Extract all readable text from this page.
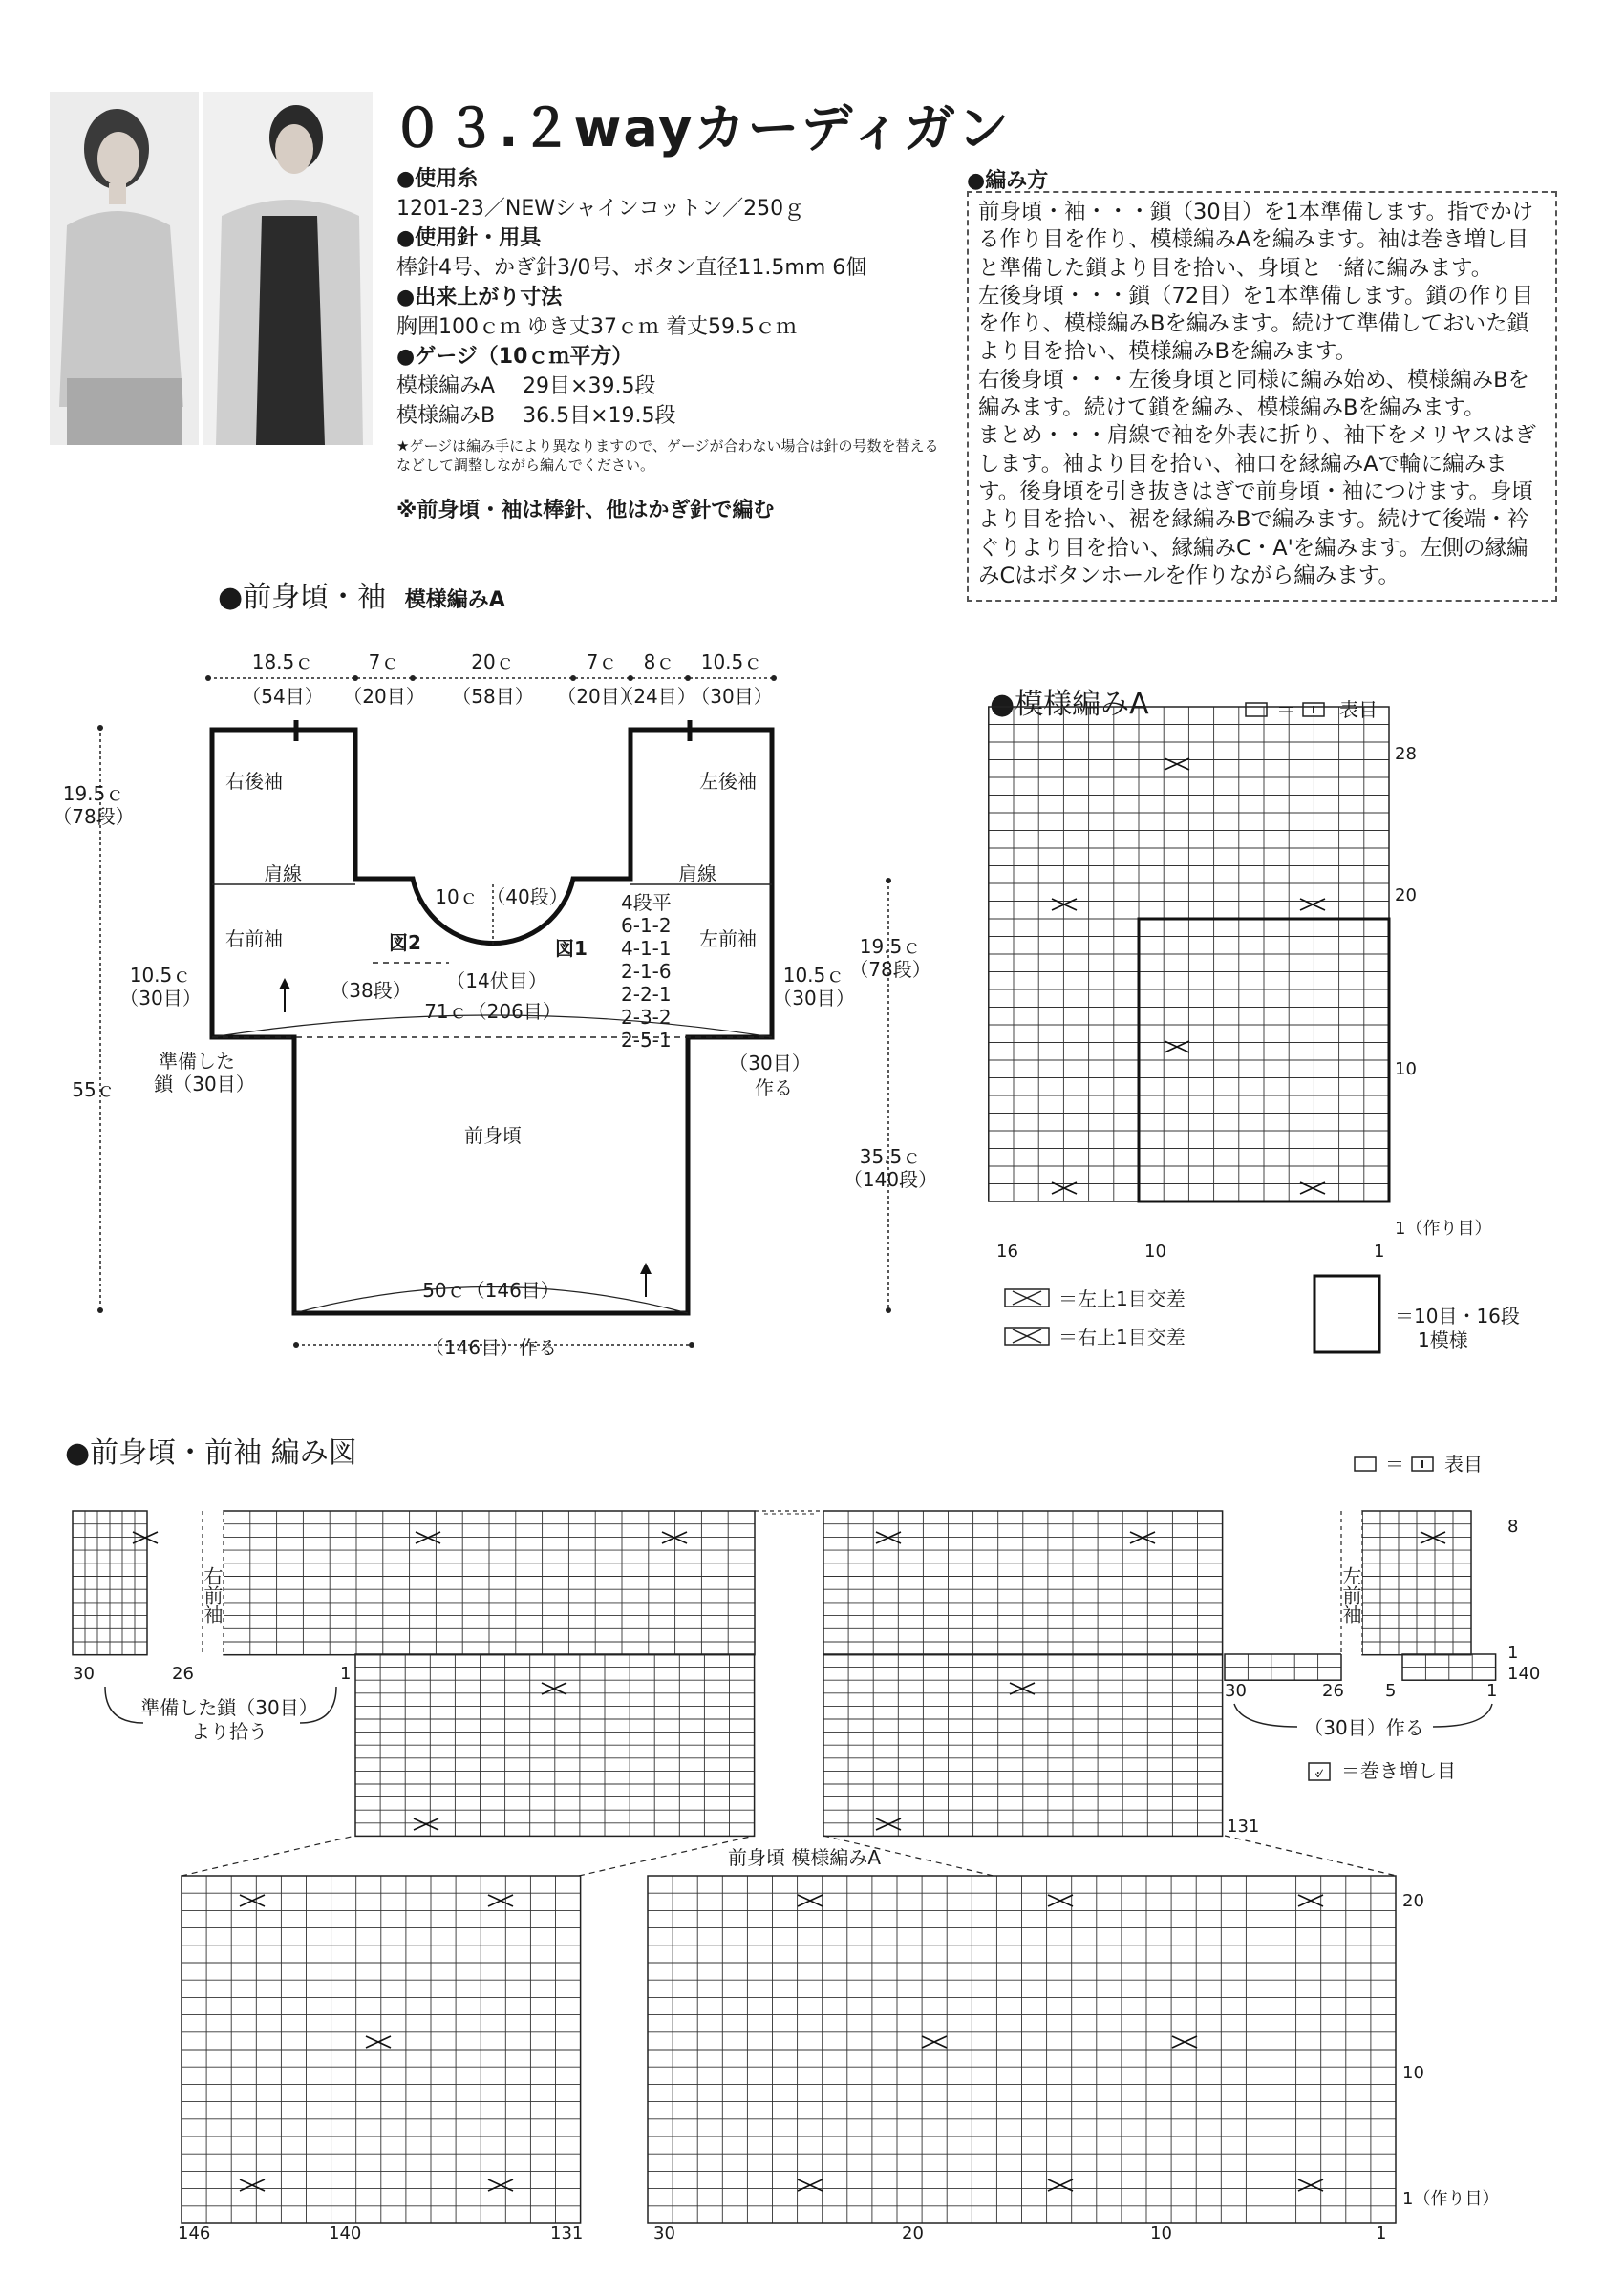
０３.２wayカーディガン
●使用糸
1201-23／NEWシャインコットン／250ｇ
●使用針・用具
棒針4号、かぎ針3/0号、ボタン直径11.5mm 6個
●出来上がり寸法
胸囲100ｃｍ ゆき丈37ｃｍ 着丈59.5ｃｍ
●ゲージ（10ｃｍ平方）
模様編みA　 29目×39.5段
模様編みB　 36.5目×19.5段
★ゲージは編み手により異なりますので、ゲージが合わない場合は針の号数を替えるなどして調整しながら編んでください。
※前身頃・袖は棒針、他はかぎ針で編む
●編み方

前身頃・袖・・・鎖（30目）を1本準備します。指でかける作り目を作り、模様編みAを編みます。袖は巻き増し目と準備した鎖より目を拾い、身頃と一緒に編みます。

左後身頃・・・鎖（72目）を1本準備します。鎖の作り目を作り、模様編みBを編みます。続けて準備しておいた鎖より目を拾い、模様編みBを編みます。

右後身頃・・・左後身頃と同様に編み始め、模様編みBを編みます。続けて鎖を編み、模様編みBを編みます。

まとめ・・・肩線で袖を外表に折り、袖下をメリヤスはぎします。袖より目を拾い、袖口を縁編みAで輪に編みます。後身頃を引き抜きはぎで前身頃・袖につけます。身頃より目を拾い、裾を縁編みBで編みます。続けて後端・衿ぐりより目を拾い、縁編みC・A'を編みます。左側の縁編みCはボタンホールを作りながら編みます。

●前身頃・袖 模様編みA
18.5ｃ	7ｃ	20ｃ	7ｃ 8ｃ 10.5ｃ
（54目） （20目） （58目） （20目）
（24目）
（30目）
19.5ｃ
（78段）
55ｃ
19.5ｃ
（78段）
35.5ｃ
（140段）
右後袖	左後袖
肩線	肩線
右前袖	左前袖
10ｃ （40段）
（14伏目）
図1
図2
（38段）
71ｃ（206目）
10.5ｃ
（30目）
10.5ｃ
（30目）
準備した
鎖（30目）
（30目）
作る
前身頃
50ｃ（146目）
（146目）作る
4段平
6-1-2
4-1-1
2-1-6
2-2-1
2-3-2
2-5-1
●模様編みA	＝ 表目
28
20
10
1（作り目）
16	10	1
＝左上1目交差
＝右上1目交差
＝10目・16段
1模様
●前身頃・前袖 編み図	＝ 表目
右前袖	左前袖
30	26	1
30	26 5	1
8
1
140
131
準備した鎖（30目）
より拾う	（30目）作る
୰ ＝巻き増し目
前身頃 模様編みA
146	140	131	30	20	10	1
20
10
1（作り目）
